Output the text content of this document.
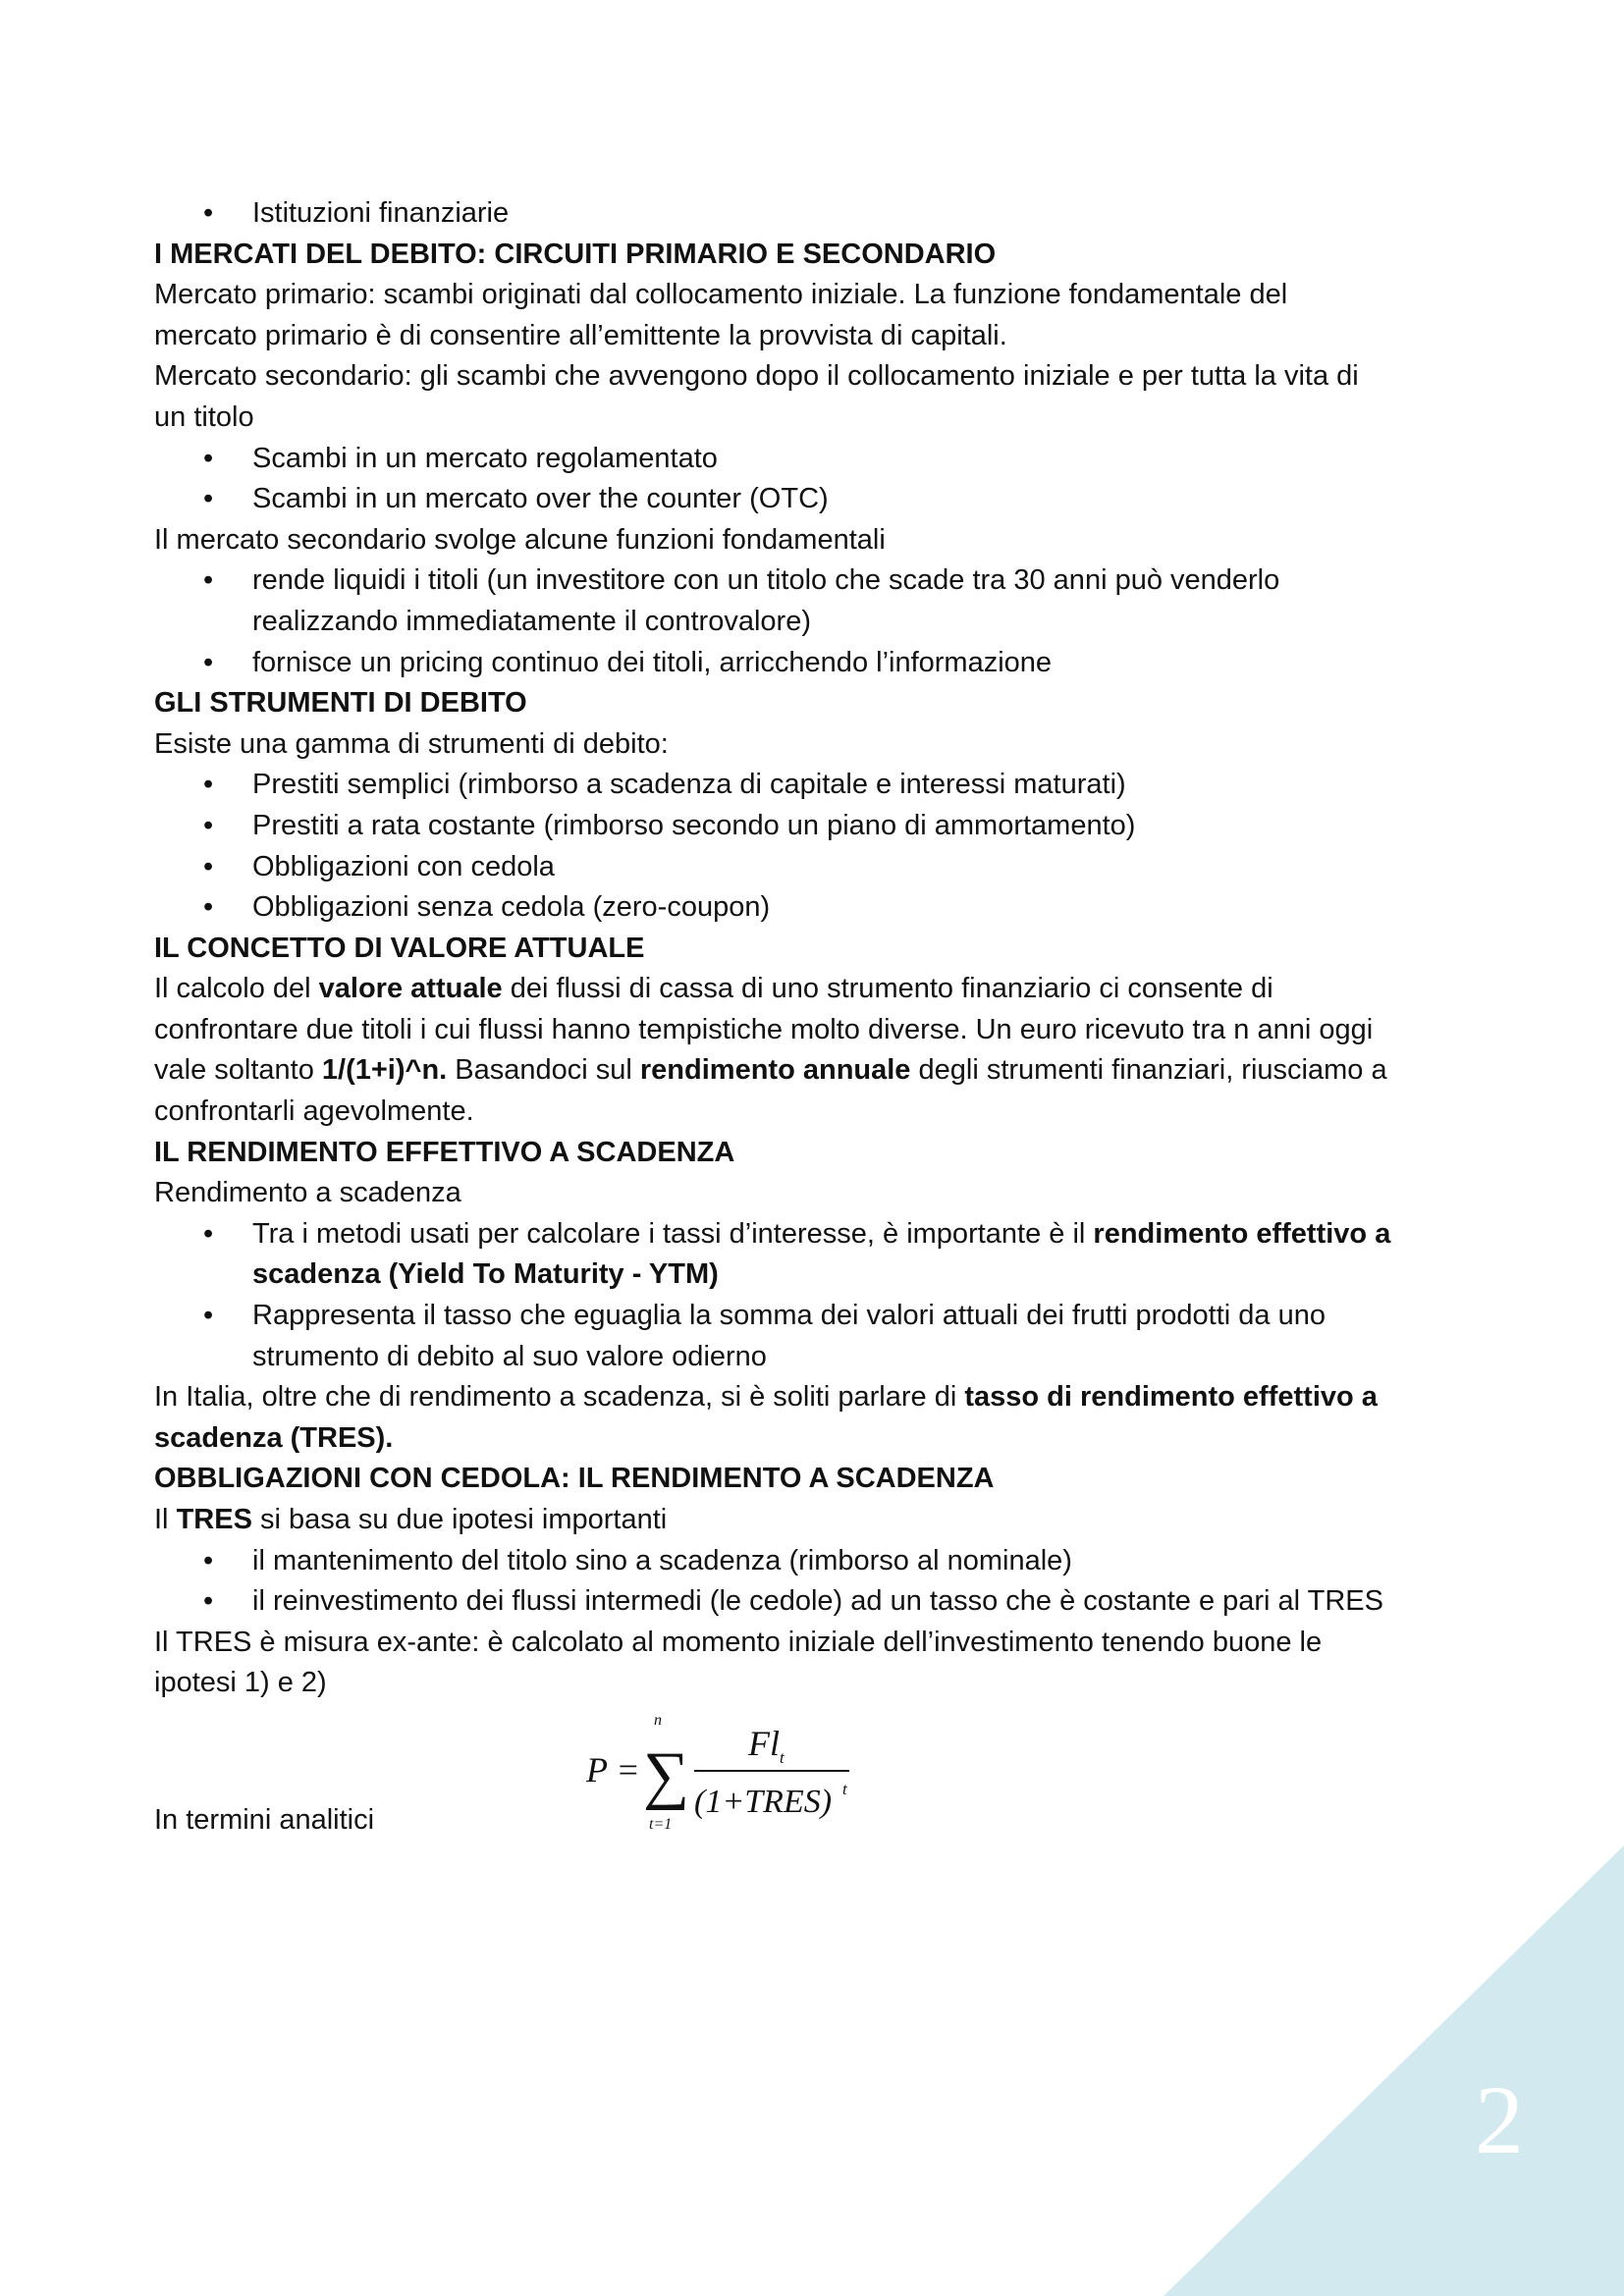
2
• Istituzioni finanziarie
I MERCATI DEL DEBITO: CIRCUITI PRIMARIO E SECONDARIO

Mercato primario: scambi originati dal collocamento iniziale. La funzione fondamentale del

mercato primario è di consentire all’emittente la provvista di capitali.

Mercato secondario: gli scambi che avvengono dopo il collocamento iniziale e per tutta la vita di

un titolo

• Scambi in un mercato regolamentato
• Scambi in un mercato over the counter (OTC)

Il mercato secondario svolge alcune funzioni fondamentali

• rende liquidi i titoli (un investitore con un titolo che scade tra 30 anni può venderlo
realizzando immediatamente il controvalore)
• fornisce un pricing continuo dei titoli, arricchendo l’informazione
GLI STRUMENTI DI DEBITO

Esiste una gamma di strumenti di debito:

• Prestiti semplici (rimborso a scadenza di capitale e interessi maturati)
• Prestiti a rata costante (rimborso secondo un piano di ammortamento)
• Obbligazioni con cedola
• Obbligazioni senza cedola (zero-coupon)
IL CONCETTO DI VALORE ATTUALE

Il calcolo del valore attuale dei flussi di cassa di uno strumento finanziario ci consente di

confrontare due titoli i cui flussi hanno tempistiche molto diverse. Un euro ricevuto tra n anni oggi

vale soltanto 1/(1+i)^n. Basandoci sul rendimento annuale degli strumenti finanziari, riusciamo a

confrontarli agevolmente.

IL RENDIMENTO EFFETTIVO A SCADENZA

Rendimento a scadenza

• Tra i metodi usati per calcolare i tassi d’interesse, è importante è il rendimento effettivo a
scadenza (Yield To Maturity - YTM)
• Rappresenta il tasso che eguaglia la somma dei valori attuali dei frutti prodotti da uno
strumento di debito al suo valore odierno

In Italia, oltre che di rendimento a scadenza, si è soliti parlare di tasso di rendimento effettivo a

scadenza (TRES).

OBBLIGAZIONI CON CEDOLA: IL RENDIMENTO A SCADENZA

Il TRES si basa su due ipotesi importanti

• il mantenimento del titolo sino a scadenza (rimborso al nominale)
• il reinvestimento dei flussi intermedi (le cedole) ad un tasso che è costante e pari al TRES

Il TRES è misura ex-ante: è calcolato al momento iniziale dell’investimento tenendo buone le

ipotesi 1) e 2)

In termini analitici
P =
n
∑
t=1
$Fl_t$
(1+TRES) t
